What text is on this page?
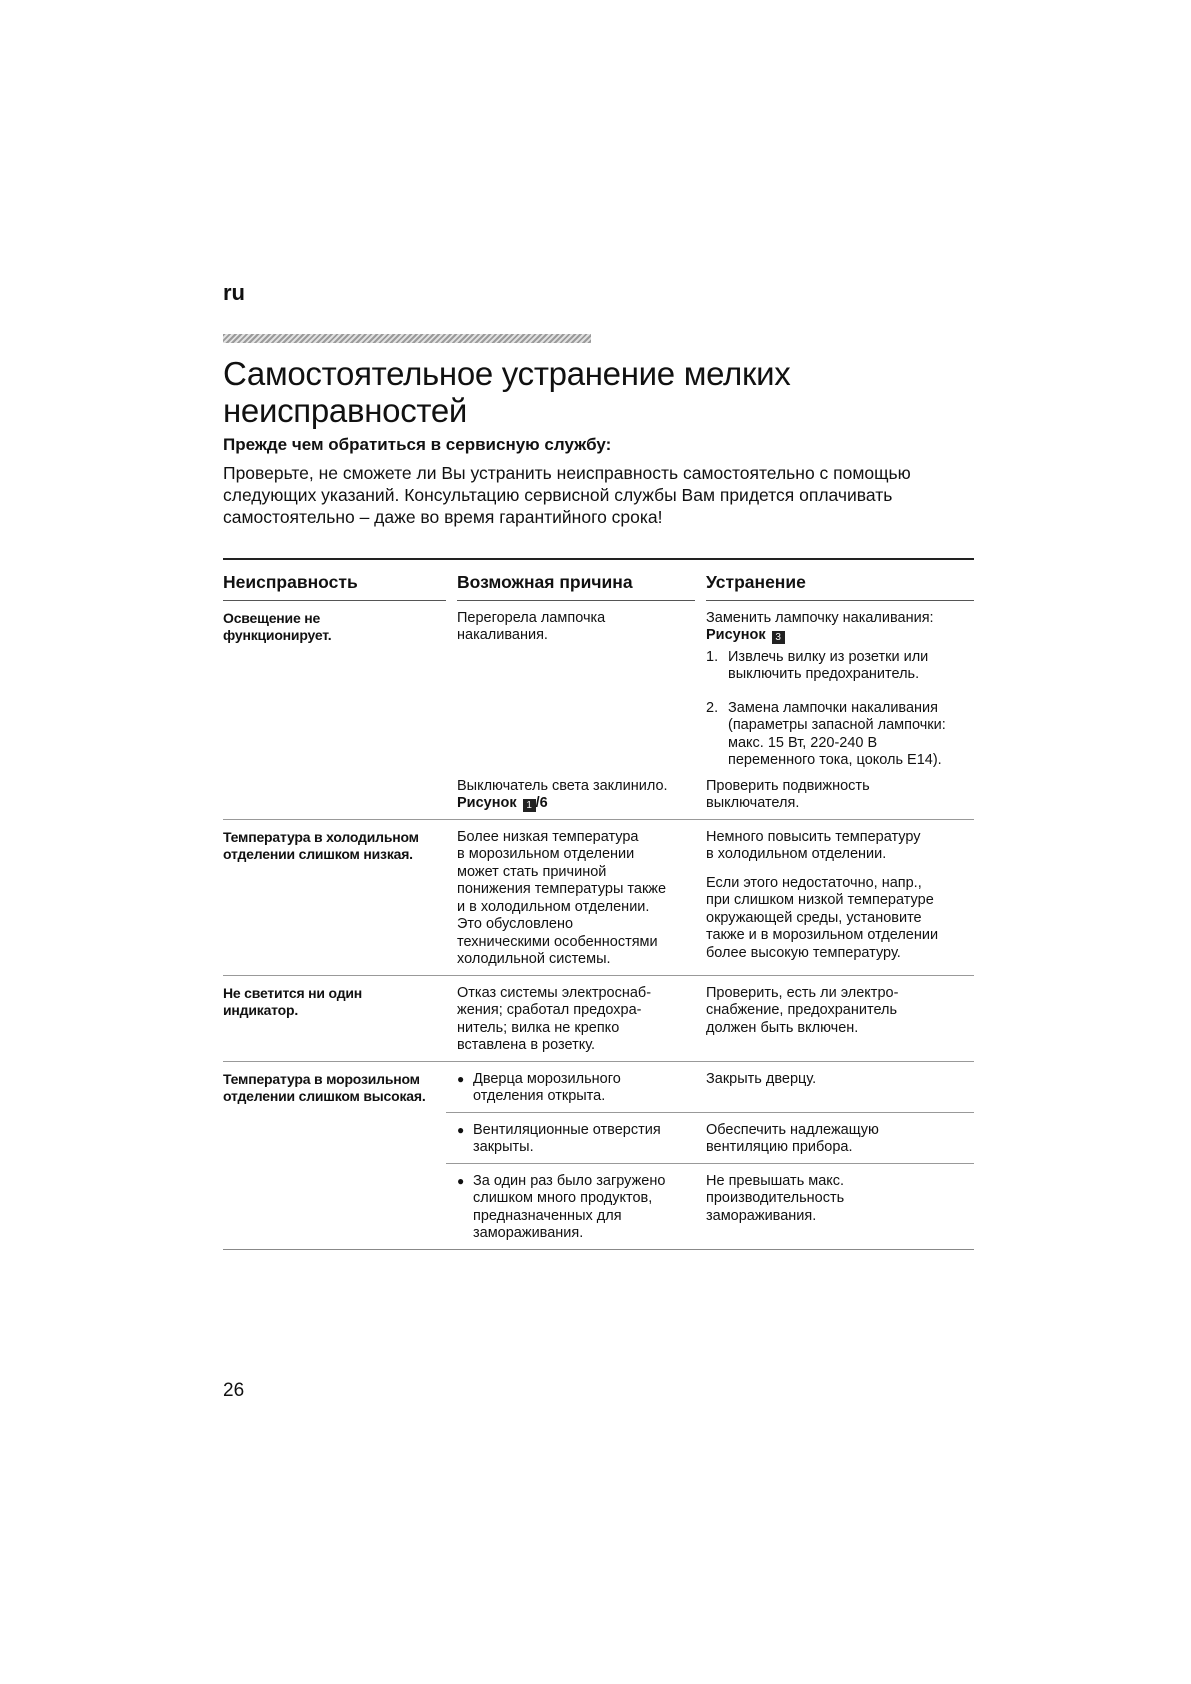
ru
Самостоятельное устранение мелких
неисправностей
Прежде чем обратиться в сервисную службу:
Проверьте, не сможете ли Вы устранить неисправность самостоятельно с помощью
следующих указаний. Консультацию сервисной службы Вам придется оплачивать
самостоятельно – даже во время гарантийного срока!
Неисправность	Возможная причина	Устранение
Освещение не
функционирует.
Перегорела лампочка
накаливания.
Заменить лампочку накаливания:
Рисунок 3
1. Извлечь вилку из розетки или
выключить предохранитель.
2. Замена лампочки накаливания
(параметры запасной лампочки:
макс. 15 Вт, 220-240 В
переменного тока, цоколь Е14).
Выключатель света заклинило.
Рисунок 1 /6
Проверить подвижность
выключателя.
Температура в холодильном
отделении слишком низкая.
Более низкая температура
в морозильном отделении
может стать причиной
понижения температуры также
и в холодильном отделении.
Это обусловлено
техническими особенностями
холодильной системы.
Немного повысить температуру
в холодильном отделении.
Если этого недостаточно, напр.,
при слишком низкой температуре
окружающей среды, установите
также и в морозильном отделении
более высокую температуру.
Не светится ни один
индикатор.
Отказ системы электроснаб-
жения; сработал предохра-
нитель; вилка не крепко
вставлена в розетку.
Проверить, есть ли электро-
снабжение, предохранитель
должен быть включен.
Температура в морозильном
отделении слишком высокая.
● Дверца морозильного
отделения открыта.
Закрыть дверцу.
● Вентиляционные отверстия
закрыты.
Обеспечить надлежащую
вентиляцию прибора.
● За один раз было загружено
слишком много продуктов,
предназначенных для
замораживания.
Не превышать макс.
производительность
замораживания.
26
